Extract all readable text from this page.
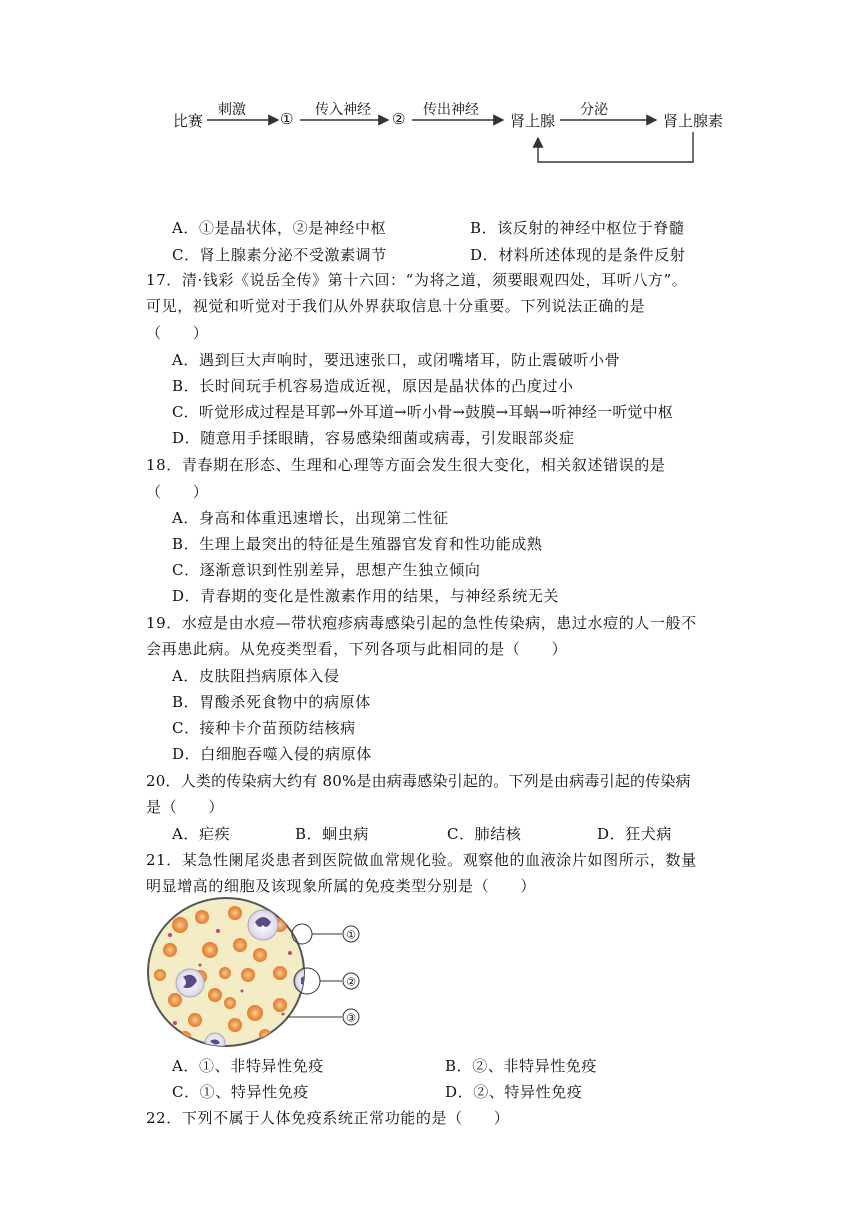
比赛
刺激 ① 传入神经 ② 传出神经
肾上腺
分泌
肾上腺素
A．①是晶状体，②是神经中枢	B．该反射的神经中枢位于脊髓
C．肾上腺素分泌不受激素调节	D．材料所述体现的是条件反射
17．清·钱彩《说岳全传》第十六回：“为将之道，须要眼观四处，耳听八方”。
可见，视觉和听觉对于我们从外界获取信息十分重要。下列说法正确的是
（　　）
A．遇到巨大声响时，要迅速张口，或闭嘴堵耳，防止震破听小骨
B．长时间玩手机容易造成近视，原因是晶状体的凸度过小
C．听觉形成过程是耳郭→外耳道→听小骨→鼓膜→耳蜗→听神经一听觉中枢
D．随意用手揉眼睛，容易感染细菌或病毒，引发眼部炎症
18．青春期在形态、生理和心理等方面会发生很大变化，相关叙述错误的是
（　　）
A．身高和体重迅速增长，出现第二性征
B．生理上最突出的特征是生殖器官发育和性功能成熟
C．逐渐意识到性别差异，思想产生独立倾向
D．青春期的变化是性激素作用的结果，与神经系统无关
19．水痘是由水痘—带状疱疹病毒感染引起的急性传染病，患过水痘的人一般不
会再患此病。从免疫类型看，下列各项与此相同的是（　　）
A．皮肤阻挡病原体入侵
B．胃酸杀死食物中的病原体
C．接种卡介苗预防结核病
D．白细胞吞噬入侵的病原体
20．人类的传染病大约有 80%是由病毒感染引起的。下列是由病毒引起的传染病
是（　　）
A．疟疾	B．蛔虫病	C．肺结核	D．狂犬病
21．某急性阑尾炎患者到医院做血常规化验。观察他的血液涂片如图所示，数量
明显增高的细胞及该现象所属的免疫类型分别是（　　）
①
②
③
A．①、非特异性免疫	B．②、非特异性免疫
C．①、特异性免疫	D．②、特异性免疫
22．下列不属于人体免疫系统正常功能的是（　　）
